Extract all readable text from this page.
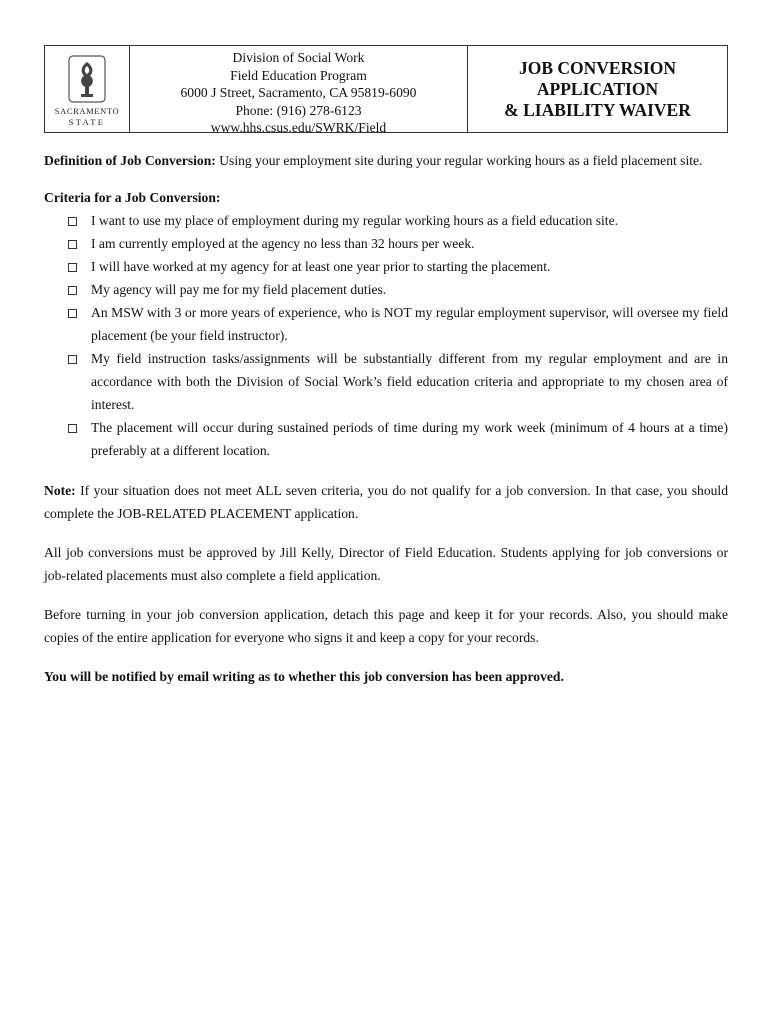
SACRAMENTO
STATE
Division of Social Work
Field Education Program
6000 J Street, Sacramento, CA 95819-6090
Phone: (916) 278-6123
www.hhs.csus.edu/SWRK/Field
JOB CONVERSION
APPLICATION
& LIABILITY WAIVER
Definition of Job Conversion: Using your employment site during your regular working hours as a field placement site.
Criteria for a Job Conversion:
I want to use my place of employment during my regular working hours as a field education site.
I am currently employed at the agency no less than 32 hours per week.
I will have worked at my agency for at least one year prior to starting the placement.
My agency will pay me for my field placement duties.
An MSW with 3 or more years of experience, who is NOT my regular employment supervisor, will oversee my field placement (be your field instructor).
My field instruction tasks/assignments will be substantially different from my regular employment and are in accordance with both the Division of Social Work’s field education criteria and appropriate to my chosen area of interest.
The placement will occur during sustained periods of time during my work week (minimum of 4 hours at a time) preferably at a different location.
Note: If your situation does not meet ALL seven criteria, you do not qualify for a job conversion. In that case, you should complete the JOB-RELATED PLACEMENT application.
All job conversions must be approved by Jill Kelly, Director of Field Education. Students applying for job conversions or job-related placements must also complete a field application.
Before turning in your job conversion application, detach this page and keep it for your records. Also, you should make copies of the entire application for everyone who signs it and keep a copy for your records.
You will be notified by email writing as to whether this job conversion has been approved.
